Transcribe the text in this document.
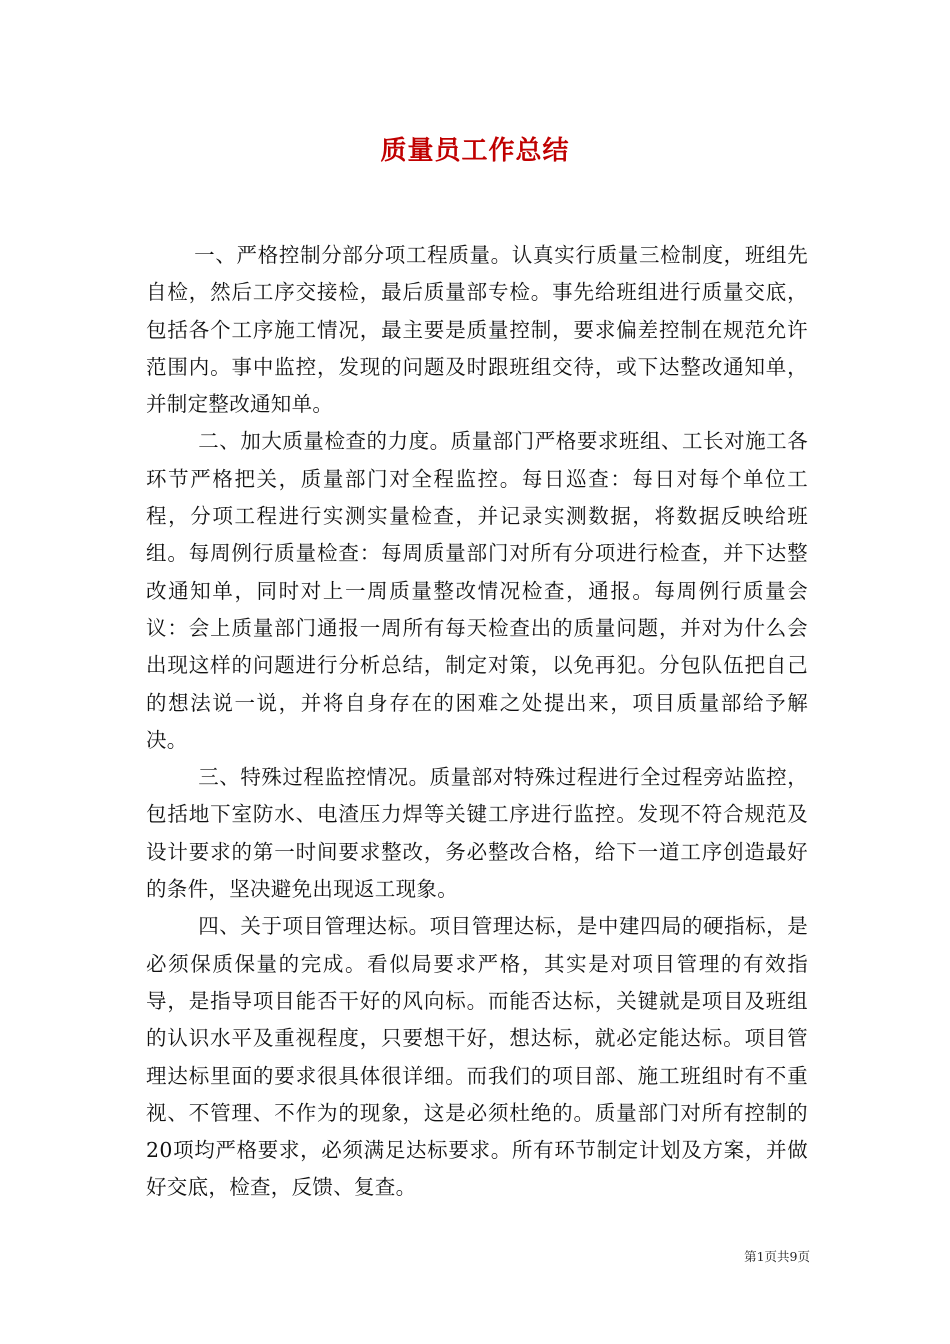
质量员工作总结

一、严格控制分部分项工程质量。认真实行质量三检制度，班组先自检，然后工序交接检，最后质量部专检。事先给班组进行质量交底，包括各个工序施工情况，最主要是质量控制，要求偏差控制在规范允许范围内。事中监控，发现的问题及时跟班组交待，或下达整改通知单，并制定整改通知单。

二、加大质量检查的力度。质量部门严格要求班组、工长对施工各环节严格把关，质量部门对全程监控。每日巡查：每日对每个单位工程，分项工程进行实测实量检查，并记录实测数据，将数据反映给班组。每周例行质量检查：每周质量部门对所有分项进行检查，并下达整改通知单，同时对上一周质量整改情况检查，通报。每周例行质量会议：会上质量部门通报一周所有每天检查出的质量问题，并对为什么会出现这样的问题进行分析总结，制定对策，以免再犯。分包队伍把自己的想法说一说，并将自身存在的困难之处提出来，项目质量部给予解决。

三、特殊过程监控情况。质量部对特殊过程进行全过程旁站监控，包括地下室防水、电渣压力焊等关键工序进行监控。发现不符合规范及设计要求的第一时间要求整改，务必整改合格，给下一道工序创造最好的条件，坚决避免出现返工现象。

四、关于项目管理达标。项目管理达标，是中建四局的硬指标，是必须保质保量的完成。看似局要求严格，其实是对项目管理的有效指导，是指导项目能否干好的风向标。而能否达标，关键就是项目及班组的认识水平及重视程度，只要想干好，想达标，就必定能达标。项目管理达标里面的要求很具体很详细。而我们的项目部、施工班组时有不重视、不管理、不作为的现象，这是必须杜绝的。质量部门对所有控制的20项均严格要求，必须满足达标要求。所有环节制定计划及方案，并做好交底，检查，反馈、复查。

第1页共9页
